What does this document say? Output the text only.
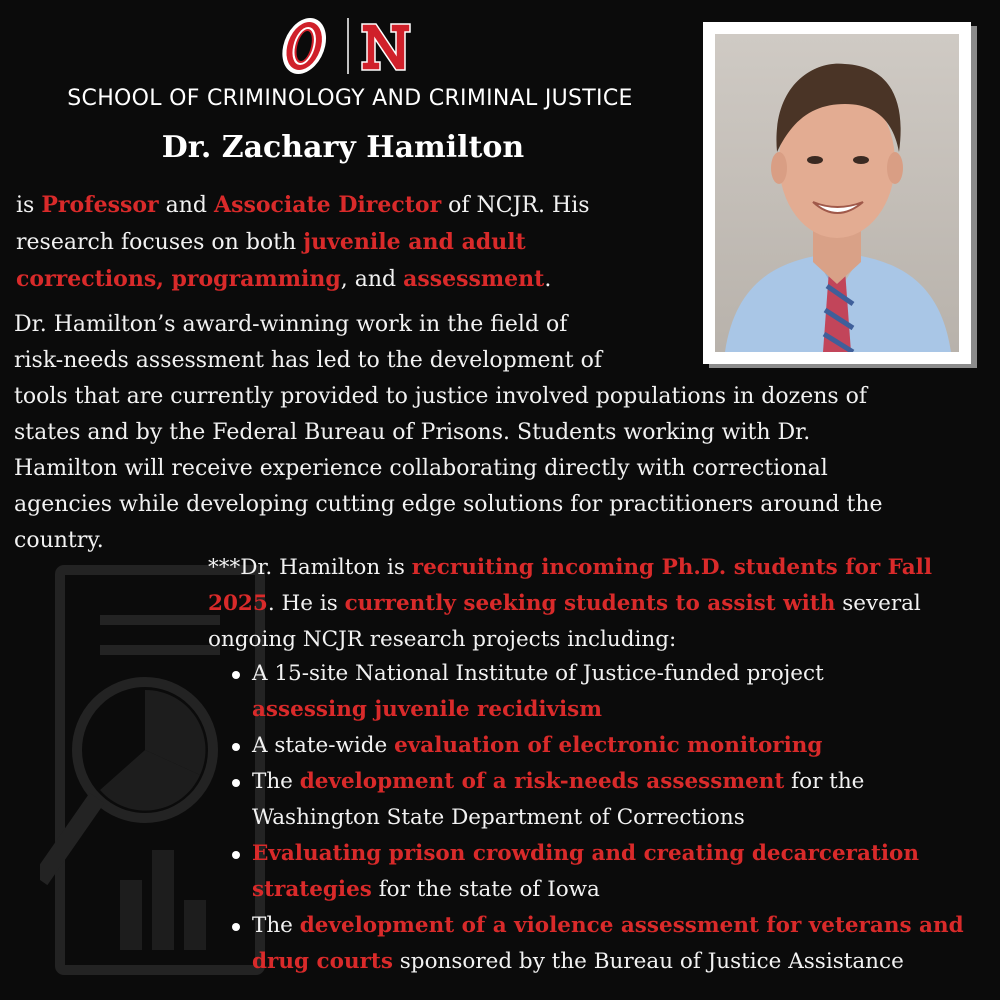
SCHOOL OF CRIMINOLOGY AND CRIMINAL JUSTICE
Dr. Zachary Hamilton

is Professor and Associate Director of NCJR. His
research focuses on both juvenile and adult
corrections, programming, and assessment.

Dr. Hamilton’s award-winning work in the field of
risk-needs assessment has led to the development of
tools that are currently provided to justice involved populations in dozens of
states and by the Federal Bureau of Prisons. Students working with Dr.
Hamilton will receive experience collaborating directly with correctional
agencies while developing cutting edge solutions for practitioners around the
country.

***Dr. Hamilton is recruiting incoming Ph.D. students for Fall
2025. He is currently seeking students to assist with several
ongoing NCJR research projects including:

A 15-site National Institute of Justice-funded project
assessing juvenile recidivism
A state-wide evaluation of electronic monitoring
The development of a risk-needs assessment for the
Washington State Department of Corrections
Evaluating prison crowding and creating decarceration
strategies for the state of Iowa
The development of a violence assessment for veterans and
drug courts sponsored by the Bureau of Justice Assistance
